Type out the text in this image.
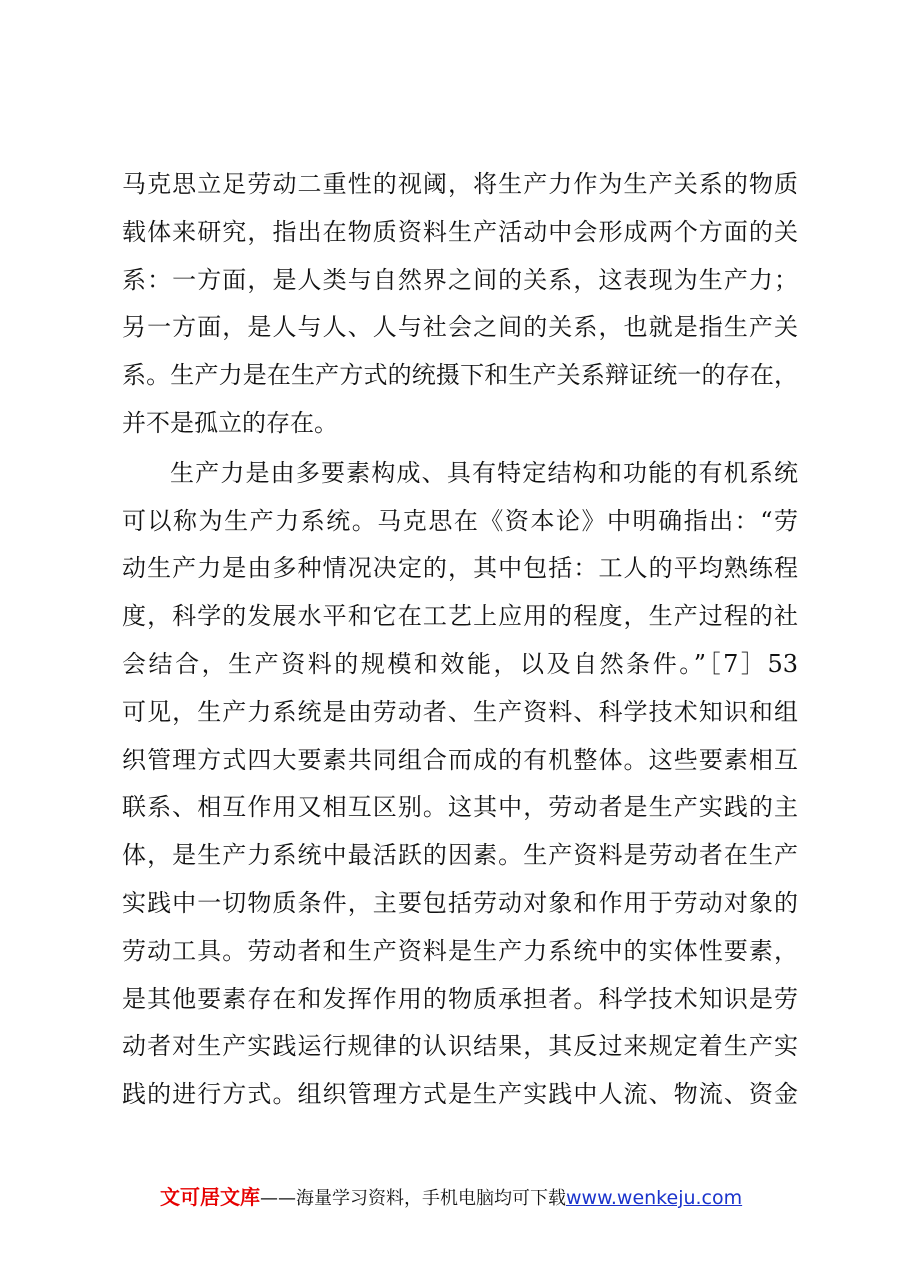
马克思立足劳动二重性的视阈，将生产力作为生产关系的物质
载体来研究，指出在物质资料生产活动中会形成两个方面的关
系：一方面，是人类与自然界之间的关系，这表现为生产力；
另一方面，是人与人、人与社会之间的关系，也就是指生产关
系。生产力是在生产方式的统摄下和生产关系辩证统一的存在，
并不是孤立的存在。
生产力是由多要素构成、具有特定结构和功能的有机系统
可以称为生产力系统。马克思在《资本论》中明确指出：“劳
动生产力是由多种情况决定的，其中包括：工人的平均熟练程
度，科学的发展水平和它在工艺上应用的程度，生产过程的社
会结合，生产资料的规模和效能，以及自然条件。”［7］53
可见，生产力系统是由劳动者、生产资料、科学技术知识和组
织管理方式四大要素共同组合而成的有机整体。这些要素相互
联系、相互作用又相互区别。这其中，劳动者是生产实践的主
体，是生产力系统中最活跃的因素。生产资料是劳动者在生产
实践中一切物质条件，主要包括劳动对象和作用于劳动对象的
劳动工具。劳动者和生产资料是生产力系统中的实体性要素，
是其他要素存在和发挥作用的物质承担者。科学技术知识是劳
动者对生产实践运行规律的认识结果，其反过来规定着生产实
践的进行方式。组织管理方式是生产实践中人流、物流、资金
文可居文库——海量学习资料，手机电脑均可下载www.wenkeju.com
